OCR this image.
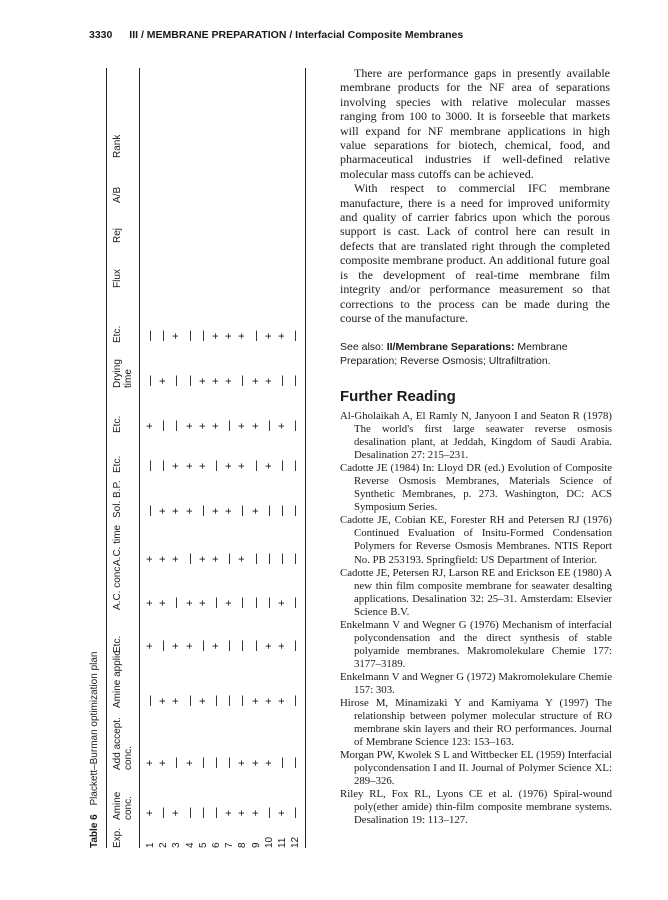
3330 III / MEMBRANE PREPARATION / Interfacial Composite Membranes
Table 6 Plackett–Burman optimization plan
Exp.
Amine conc.
Add accept. conc.
Amine applic.
Etc.
A.C. conc.
A.C. time
Sol. B.P.
Etc.
Etc.
Drying time
Etc.
Flux
Rej
A/B
Rank
1
+
+
|
+
+
+
|
|
+
|
|
2
|
+
+
|
+
+
+
|
|
+
|
3
+
|
+
+
|
+
+
+
|
|
+
4
|
+
|
+
+
|
+
+
+
|
|
5
|
|
+
|
+
+
|
+
+
+
|
6
|
|
|
+
|
+
+
|
+
+
+
7
+
|
|
|
+
|
+
+
|
+
+
8
+
+
|
|
|
+
|
+
+
|
+
9
+
+
+
|
|
|
+
|
+
+
|
10
|
+
+
+
|
|
|
+
|
+
+
11
+
|
+
+
+
|
|
|
+
|
+
12
|
|
|
|
|
|
|
|
|
|
|

There are performance gaps in presently available membrane products for the NF area of separations involving species with relative molecular masses ranging from 100 to 3000. It is forseeble that markets will expand for NF membrane applications in high value separations for biotech, chemical, food, and pharmaceutical industries if well-defined relative molecular mass cutoffs can be achieved.

With respect to commercial IFC membrane manufacture, there is a need for improved uniformity and quality of carrier fabrics upon which the porous support is cast. Lack of control here can result in defects that are translated right through the completed composite membrane product. An additional future goal is the development of real-time membrane film integrity and/or performance measurement so that corrections to the process can be made during the course of the manufacture.

See also: II/Membrane Separations: Membrane Preparation; Reverse Osmosis; Ultrafiltration.
Further Reading
Al-Gholaikah A, El Ramly N, Janyoon I and Seaton R (1978) The world's first large seawater reverse osmosis desalination plant, at Jeddah, Kingdom of Saudi Arabia. Desalination 27: 215–231.
Cadotte JE (1984) In: Lloyd DR (ed.) Evolution of Composite Reverse Osmosis Membranes, Materials Science of Synthetic Membranes, p. 273. Washington, DC: ACS Symposium Series.
Cadotte JE, Cobian KE, Forester RH and Petersen RJ (1976) Continued Evaluation of Insitu-Formed Condensation Polymers for Reverse Osmosis Membranes. NTIS Report No. PB 253193. Springfield: US Department of Interior.
Cadotte JE, Petersen RJ, Larson RE and Erickson EE (1980) A new thin film composite membrane for seawater desalting applications. Desalination 32: 25–31. Amsterdam: Elsevier Science B.V.
Enkelmann V and Wegner G (1976) Mechanism of interfacial polycondensation and the direct synthesis of stable polyamide membranes. Makromolekulare Chemie 177: 3177–3189.
Enkelmann V and Wegner G (1972) Makromolekulare Chemie 157: 303.
Hirose M, Minamizaki Y and Kamiyama Y (1997) The relationship between polymer molecular structure of RO membrane skin layers and their RO performances. Journal of Membrane Science 123: 153–163.
Morgan PW, Kwolek S L and Wittbecker EL (1959) Interfacial polycondensation I and II. Journal of Polymer Science XL: 289–326.
Riley RL, Fox RL, Lyons CE et al. (1976) Spiral-wound poly(ether amide) thin-film composite membrane systems. Desalination 19: 113–127.
